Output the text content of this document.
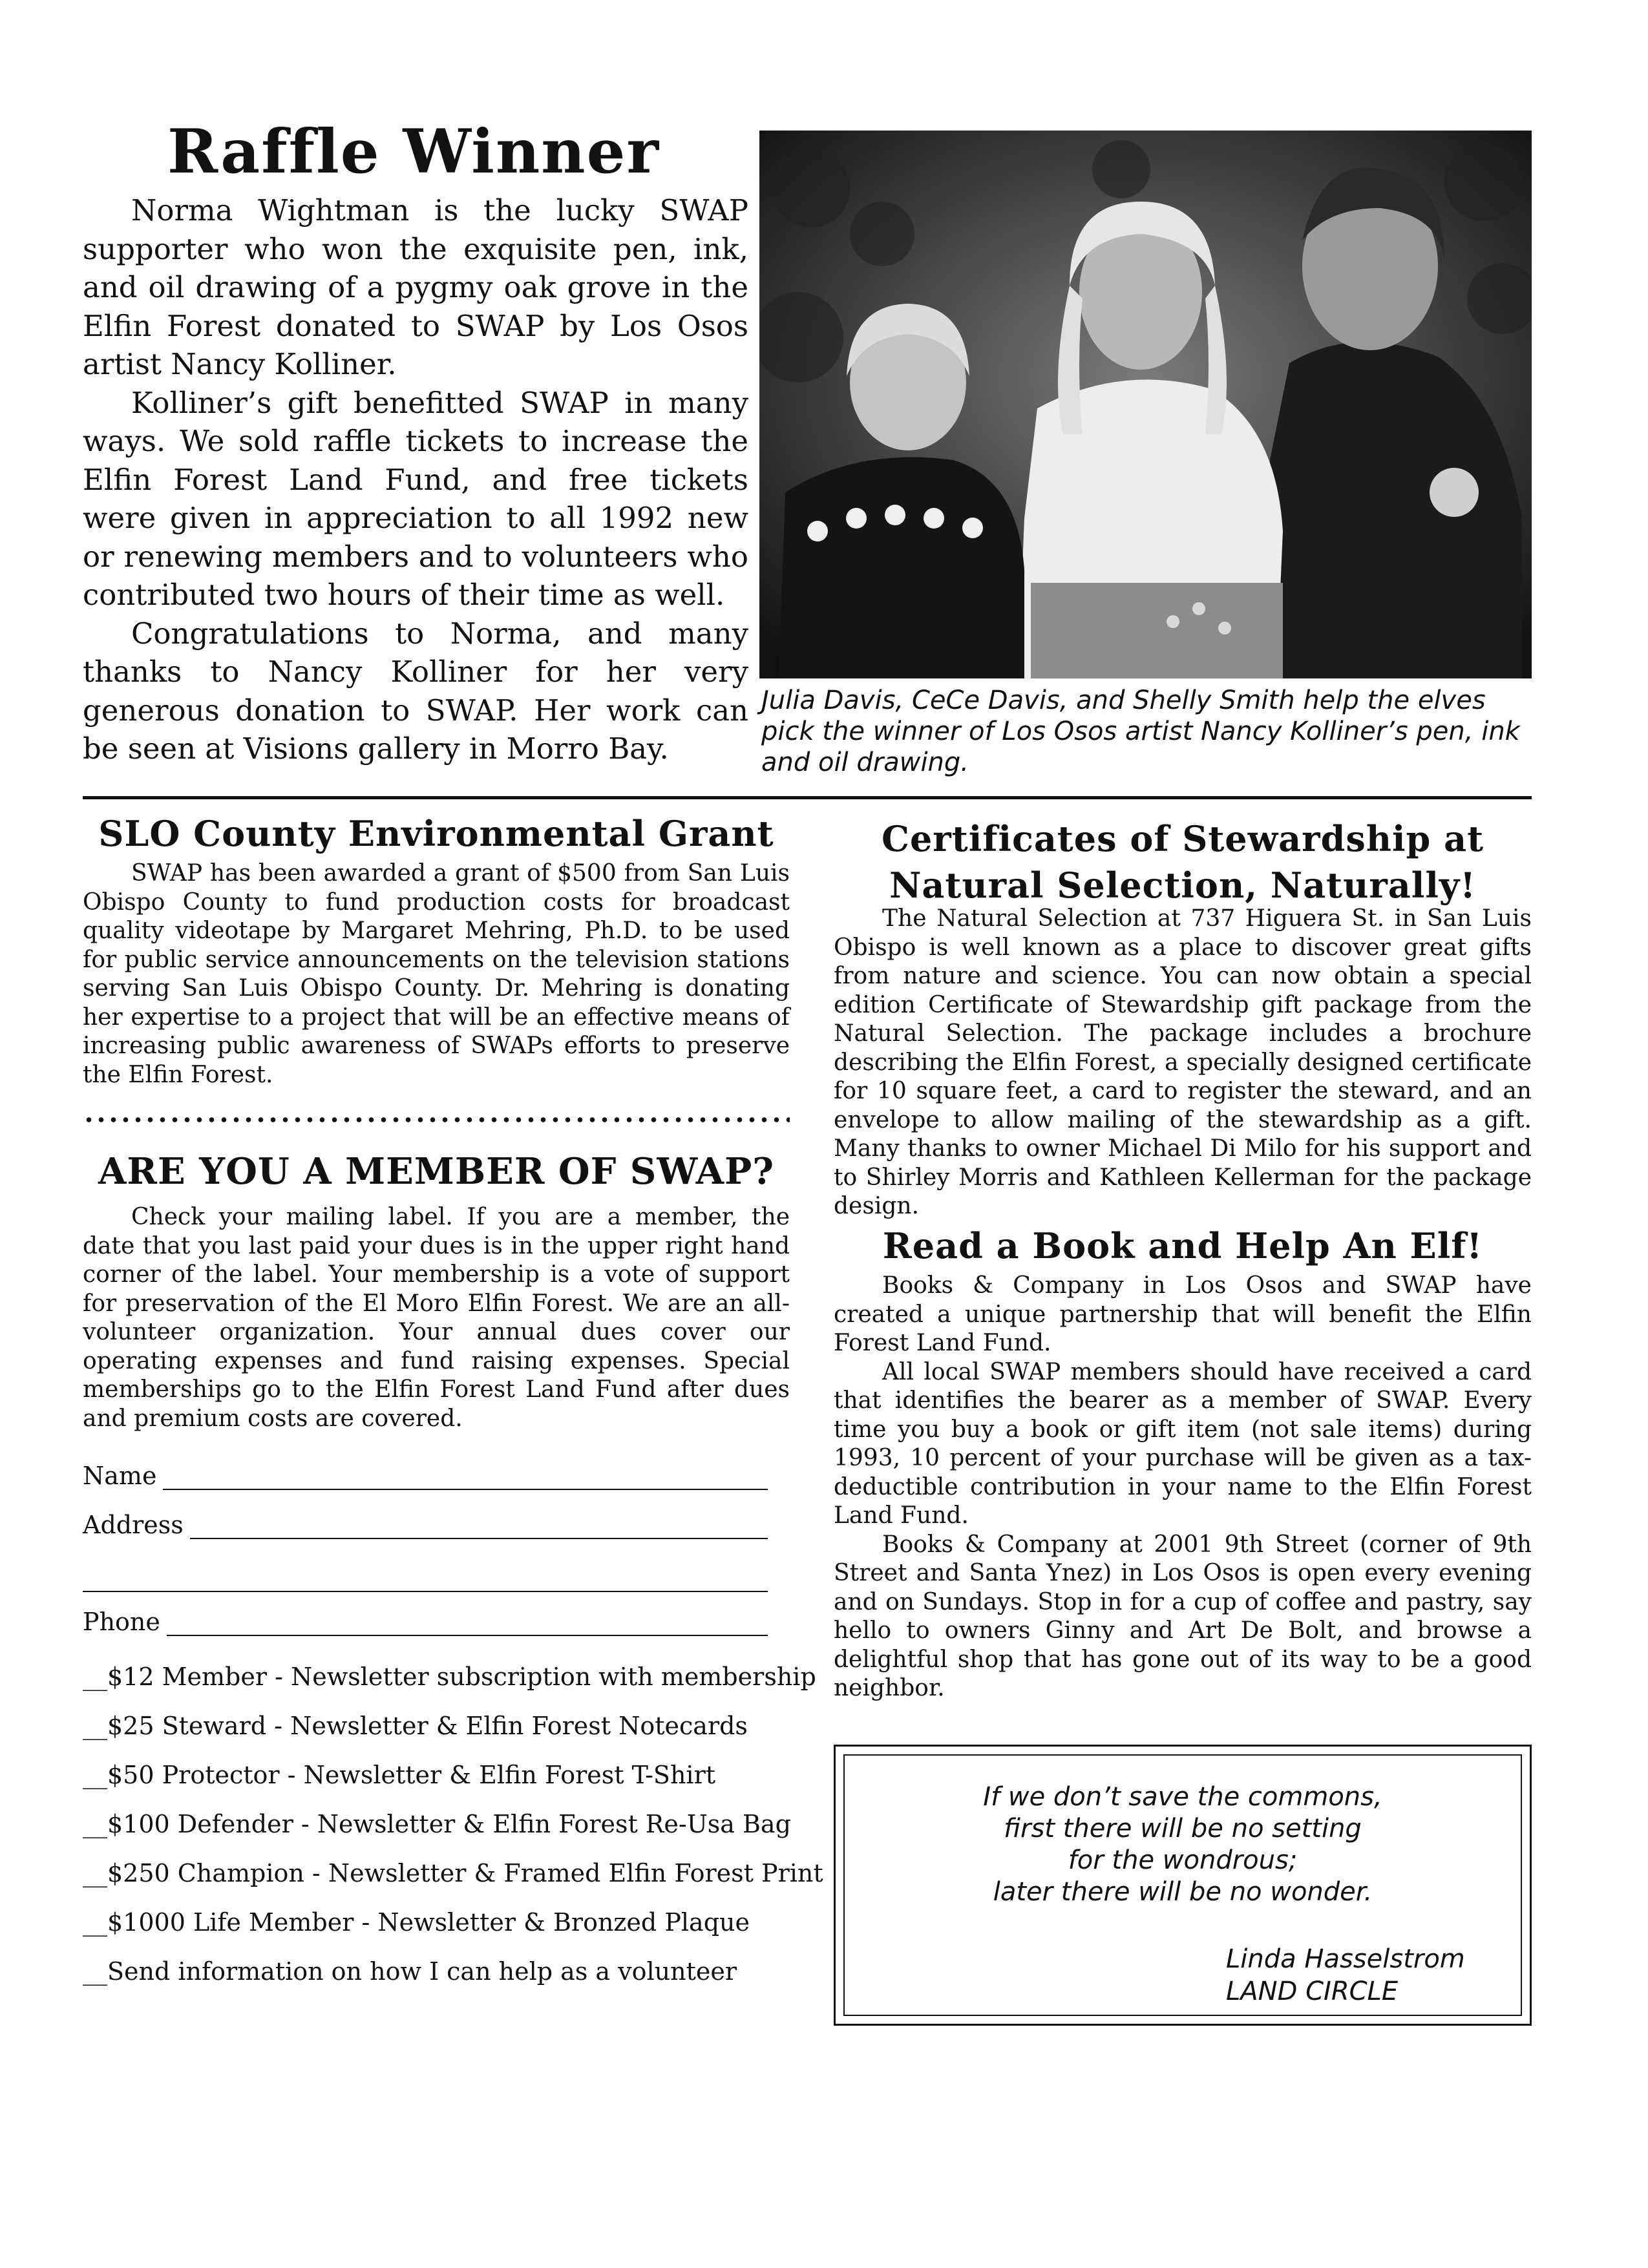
Raffle Winner

Norma Wightman is the lucky SWAP supporter who won the exquisite pen, ink, and oil drawing of a pygmy oak grove in the Elfin Forest donated to SWAP by Los Osos artist Nancy Kolliner.

Kolliner’s gift benefitted SWAP in many ways. We sold raffle tickets to increase the Elfin Forest Land Fund, and free tickets were given in appreciation to all 1992 new or renewing members and to volunteers who contributed two hours of their time as well.

Congratulations to Norma, and many thanks to Nancy Kolliner for her very generous donation to SWAP. Her work can be seen at Visions gallery in Morro Bay.

Julia Davis, CeCe Davis, and Shelly Smith help the elves pick the winner of Los Osos artist Nancy Kolliner’s pen, ink and oil drawing.
SLO County Environmental Grant

SWAP has been awarded a grant of $500 from San Luis Obispo County to fund production costs for broadcast quality videotape by Margaret Mehring, Ph.D. to be used for public service announcements on the television stations serving San Luis Obispo County. Dr. Mehring is donating her expertise to a project that will be an effective means of increasing public awareness of SWAPs efforts to preserve the Elfin Forest.

ARE YOU A MEMBER OF SWAP?

Check your mailing label. If you are a member, the date that you last paid your dues is in the upper right hand corner of the label. Your membership is a vote of support for preservation of the El Moro Elfin Forest. We are an all-volunteer organization. Your annual dues cover our operating expenses and fund raising expenses. Special memberships go to the Elfin Forest Land Fund after dues and premium costs are covered.

Name
Address
Phone
__$12 Member - Newsletter subscription with membership
__$25 Steward - Newsletter & Elfin Forest Notecards
__$50 Protector - Newsletter & Elfin Forest T-Shirt
__$100 Defender - Newsletter & Elfin Forest Re-Usa Bag
__$250 Champion - Newsletter & Framed Elfin Forest Print
__$1000 Life Member - Newsletter & Bronzed Plaque
__Send information on how I can help as a volunteer
Certificates of Stewardship at
Natural Selection, Naturally!

The Natural Selection at 737 Higuera St. in San Luis Obispo is well known as a place to discover great gifts from nature and science. You can now obtain a special edition Certificate of Stewardship gift package from the Natural Selection. The package includes a brochure describing the Elfin Forest, a specially designed certificate for 10 square feet, a card to register the steward, and an envelope to allow mailing of the stewardship as a gift. Many thanks to owner Michael Di Milo for his support and to Shirley Morris and Kathleen Kellerman for the package design.

Read a Book and Help An Elf!

Books & Company in Los Osos and SWAP have created a unique partnership that will benefit the Elfin Forest Land Fund.

All local SWAP members should have received a card that identifies the bearer as a member of SWAP. Every time you buy a book or gift item (not sale items) during 1993, 10 percent of your purchase will be given as a tax-deductible contribution in your name to the Elfin Forest Land Fund.

Books & Company at 2001 9th Street (corner of 9th Street and Santa Ynez) in Los Osos is open every evening and on Sundays. Stop in for a cup of coffee and pastry, say hello to owners Ginny and Art De Bolt, and browse a delightful shop that has gone out of its way to be a good neighbor.

If we don’t save the commons,
first there will be no setting
for the wondrous;
later there will be no wonder.
Linda Hasselstrom
LAND CIRCLE
